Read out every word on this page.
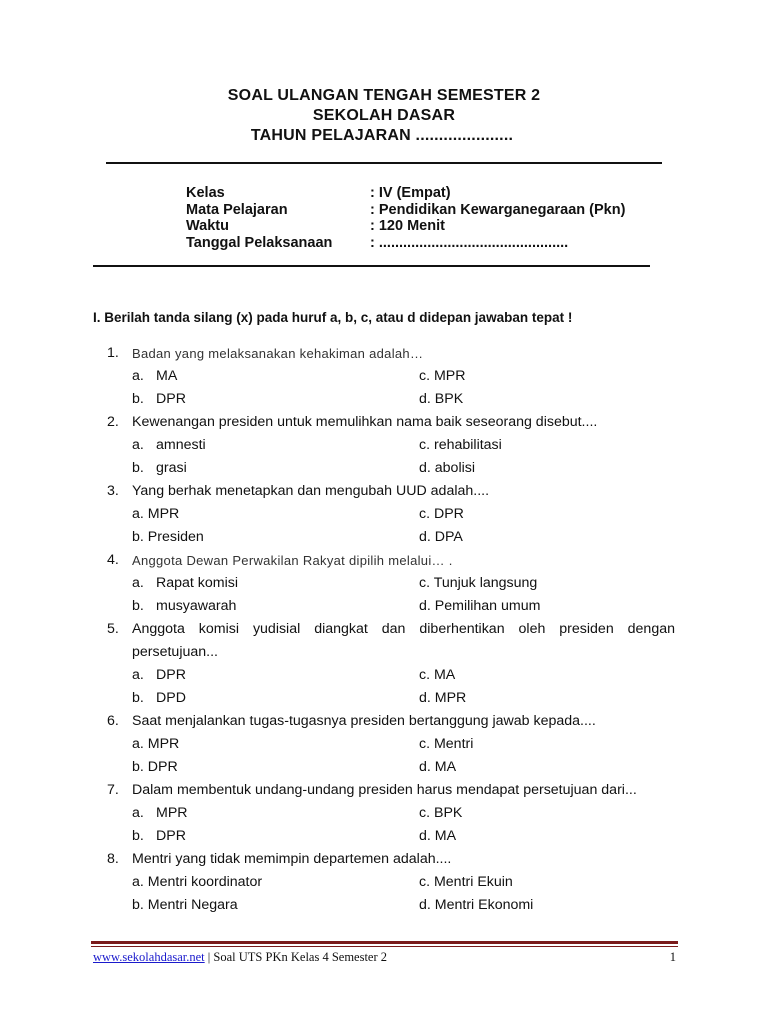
SOAL ULANGAN TENGAH SEMESTER 2
SEKOLAH DASAR
TAHUN PELAJARAN .....................
Kelas	: IV (Empat)
Mata Pelajaran	: Pendidikan Kewarganegaraan (Pkn)
Waktu	: 120 Menit
Tanggal Pelaksanaan	: ...............................................
I. Berilah tanda silang (x) pada huruf a, b, c, atau d didepan jawaban tepat !
1.	Badan yang melaksanakan kehakiman adalah…
a. MA	c. MPR
b. DPR	d. BPK
2. Kewenangan presiden untuk memulihkan nama baik seseorang disebut....
a. amnesti	c. rehabilitasi
b. grasi	d. abolisi
3. Yang berhak menetapkan dan mengubah UUD adalah....
a. MPR	c. DPR
b. Presiden	d. DPA
4.	Anggota Dewan Perwakilan Rakyat dipilih melalui… .
a. Rapat komisi	c. Tunjuk langsung
b. musyawarah	d. Pemilihan umum
5. Anggota komisi yudisial diangkat dan diberhentikan oleh presiden dengan
persetujuan...
a. DPR	c. MA
b. DPD	d. MPR
6. Saat menjalankan tugas-tugasnya presiden bertanggung jawab kepada....
a. MPR	c. Mentri
b. DPR	d. MA
7. Dalam membentuk undang-undang presiden harus mendapat persetujuan dari...
a. MPR	c. BPK
b. DPR	d. MA
8. Mentri yang tidak memimpin departemen adalah....
a. Mentri koordinator	c. Mentri Ekuin
b. Mentri Negara	d. Mentri Ekonomi
www.sekolahdasar.net | Soal UTS PKn Kelas 4 Semester 2	1
